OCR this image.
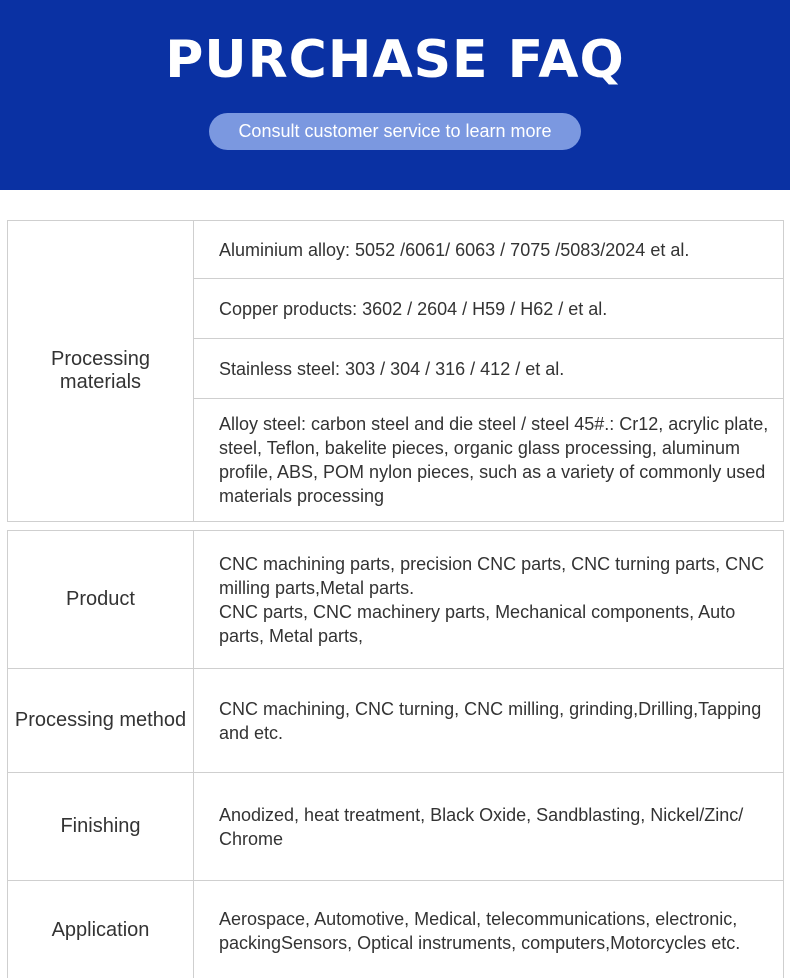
PURCHASE FAQ
Consult customer service to learn more
Processing materials
Aluminium alloy: 5052 /6061/ 6063 / 7075 /5083/2024 et al.
Copper products: 3602 / 2604 / H59 / H62 / et al.
Stainless steel: 303 / 304 / 316 / 412 / et al.
Alloy steel: carbon steel and die steel / steel 45#.: Cr12, acrylic plate, steel, Teflon, bakelite pieces, organic glass processing, aluminum profile, ABS, POM nylon pieces, such as a variety of commonly used materials processing
Product
CNC machining parts, precision CNC parts, CNC turning parts, CNC milling parts,Metal parts.
CNC parts, CNC machinery parts, Mechanical components, Auto parts, Metal parts,
Processing method
CNC machining, CNC turning, CNC milling, grinding,Drilling,Tapping and etc.
Finishing
Anodized, heat treatment, Black Oxide, Sandblasting, Nickel/Zinc/ Chrome
Application
Aerospace, Automotive, Medical, telecommunications, electronic, packingSensors, Optical instruments, computers,Motorcycles etc.
